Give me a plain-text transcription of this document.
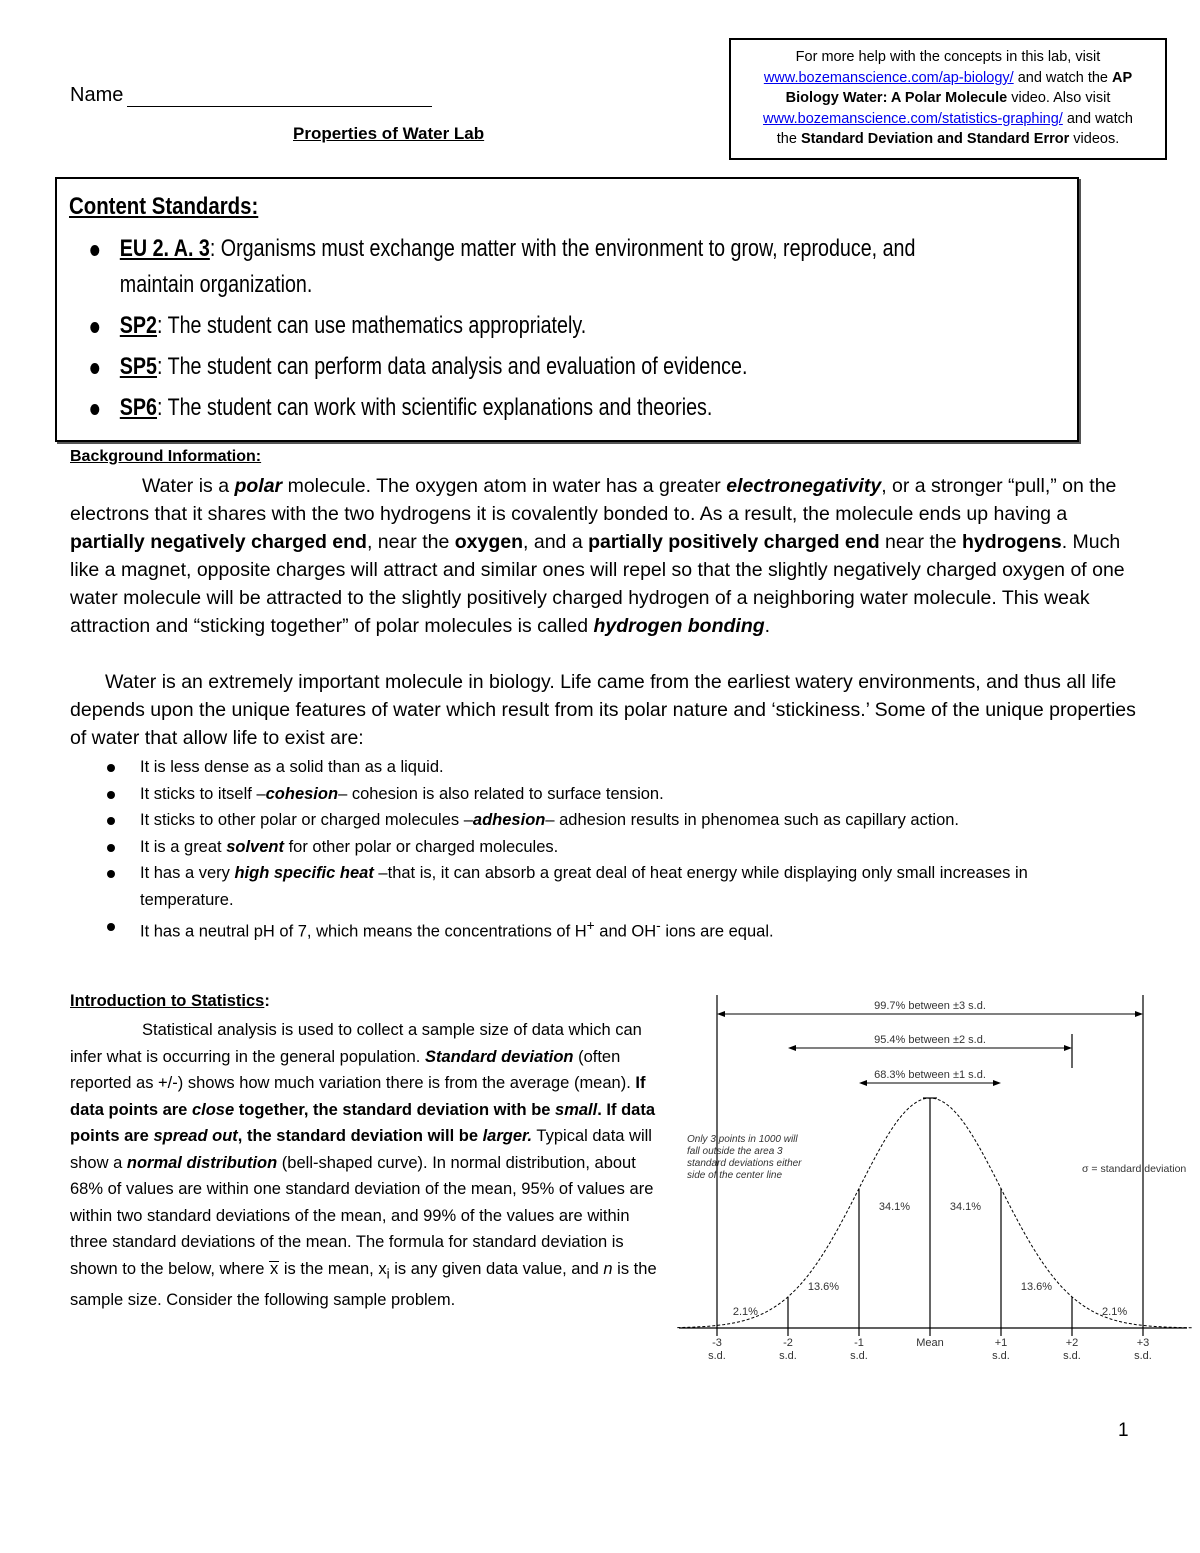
Name
Properties of Water Lab
For more help with the concepts in this lab, visit
www.bozemanscience.com/ap-biology/ and watch the AP Biology Water: A Polar Molecule video. Also visit
www.bozemanscience.com/statistics-graphing/ and watch
the Standard Deviation and Standard Error videos.
Content Standards:
EU 2. A. 3: Organisms must exchange matter with the environment to grow, reproduce, and maintain organization.
SP2: The student can use mathematics appropriately.
SP5: The student can perform data analysis and evaluation of evidence.
SP6: The student can work with scientific explanations and theories.
Background Information:
Water is a polar molecule. The oxygen atom in water has a greater electronegativity, or a stronger “pull,” on the electrons that it shares with the two hydrogens it is covalently bonded to. As a result, the molecule ends up having a partially negatively charged end, near the oxygen, and a partially positively charged end near the hydrogens. Much like a magnet, opposite charges will attract and similar ones will repel so that the slightly negatively charged oxygen of one water molecule will be attracted to the slightly positively charged hydrogen of a neighboring water molecule. This weak attraction and “sticking together” of polar molecules is called hydrogen bonding.
Water is an extremely important molecule in biology. Life came from the earliest watery environments, and thus all life depends upon the unique features of water which result from its polar nature and ‘stickiness.’ Some of the unique properties of water that allow life to exist are:
It is less dense as a solid than as a liquid.
It sticks to itself –cohesion– cohesion is also related to surface tension.
It sticks to other polar or charged molecules –adhesion– adhesion results in phenomea such as capillary action.
It is a great solvent for other polar or charged molecules.
It has a very high specific heat –that is, it can absorb a great deal of heat energy while displaying only small increases in temperature.
It has a neutral pH of 7, which means the concentrations of H+ and OH- ions are equal.
Introduction to Statistics:
Statistical analysis is used to collect a sample size of data which can infer what is occurring in the general population. Standard deviation (often reported as +/-) shows how much variation there is from the average (mean). If data points are close together, the standard deviation with be small. If data points are spread out, the standard deviation will be larger. Typical data will show a normal distribution (bell-shaped curve). In normal distribution, about 68% of values are within one standard deviation of the mean, 95% of values are within two standard deviations of the mean, and 99% of the values are within three standard deviations of the mean. The formula for standard deviation is shown to the below, where x is the mean, $x_i$ is any given data value, and n is the sample size. Consider the following sample problem.
99.7% between ±3 s.d.
95.4% between ±2 s.d.
68.3% between ±1 s.d.
2.1%
13.6%
34.1%	34.1%
13.6%
2.1%
Only 3 points in 1000 will fall outside the area 3 standard deviations either side of the center line
σ = standard deviation
-3
s.d.
-2
s.d.
-1
s.d.
Mean	+1
s.d.
+2
s.d.
+3
s.d.
1
